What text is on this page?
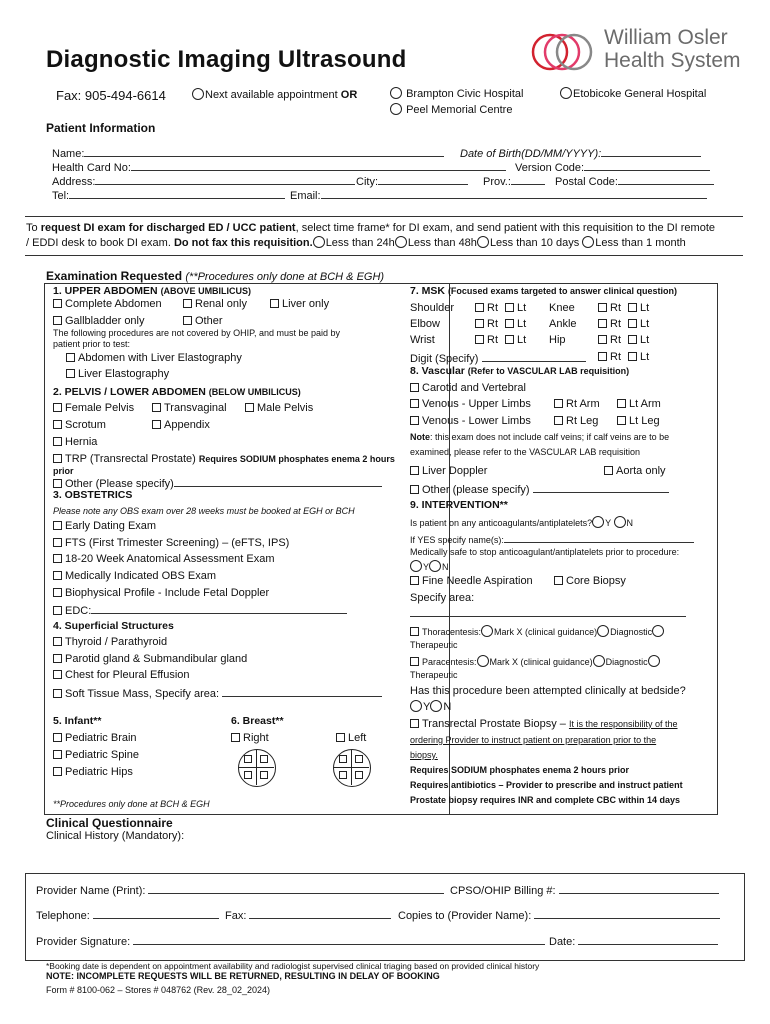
Diagnostic Imaging Ultrasound
William Osler
Health System
Fax: 905-494-6614	Next available appointment OR	Brampton Civic Hospital
Peel Memorial Centre
Etobicoke General Hospital
Patient Information
Name:	Date of Birth(DD/MM/YYYY):
Health Card No:	Version Code:
Address:	City:	Prov.:	Postal Code:
Tel:	Email:
To request DI exam for discharged ED / UCC patient, select time frame* for DI exam, and send patient with this requisition to the DI remote
/ EDDI desk to book DI exam. Do not fax this requisition. Less than 24h Less than 48h Less than 10 days Less than 1 month
Examination Requested (**Procedures only done at BCH & EGH)
1. UPPER ABDOMEN (ABOVE UMBILICUS)
Complete Abdomen	Renal only	Liver only
Gallbladder only	Other
The following procedures are not covered by OHIP, and must be paid by
patient prior to test:
Abdomen with Liver Elastography
Liver Elastography
2. PELVIS / LOWER ABDOMEN (BELOW UMBILICUS)
Female Pelvis	Transvaginal	Male Pelvis
Scrotum	Appendix
Hernia
TRP (Transrectal Prostate) Requires SODIUM phosphates enema 2 hours
prior
Other (Please specify)
3. OBSTETRICS
Please note any OBS exam over 28 weeks must be booked at EGH or BCH
Early Dating Exam
FTS (First Trimester Screening) – (eFTS, IPS)
18-20 Week Anatomical Assessment Exam
Medically Indicated OBS Exam
Biophysical Profile - Include Fetal Doppler
EDC:
4. Superficial Structures
Thyroid / Parathyroid
Parotid gland & Submandibular gland
Chest for Pleural Effusion
Soft Tissue Mass, Specify area:
5. Infant**
Pediatric Brain
Pediatric Spine
Pediatric Hips
6. Breast**
Right	Left
**Procedures only done at BCH & EGH
7. MSK (Focused exams targeted to answer clinical question)
Shoulder	Rt	Lt Knee	Rt	Lt
Elbow	Rt	Lt Ankle	Rt	Lt
Wrist	Rt	Lt Hip	Rt	Lt
Digit (Specify)	Rt	Lt
8. Vascular (Refer to VASCULAR LAB requisition)
Carotid and Vertebral
Venous - Upper Limbs	Rt Arm	Lt Arm
Venous - Lower Limbs	Rt Leg	Lt Leg
Note: this exam does not include calf veins; if calf veins are to be
examined, please refer to the VASCULAR LAB requisition
Liver Doppler	Aorta only
Other (please specify)
9. INTERVENTION**
Is patient on any anticoagulants/antiplatelets? Y N
If YES specify name(s):
Medically safe to stop anticoagulant/antiplatelets prior to procedure:
Y N
Fine Needle Aspiration	Core Biopsy
Specify area:
Thoracentesis: Mark X (clinical guidance) Diagnostic
Therapeutic
Paracentesis: Mark X (clinical guidance) Diagnostic
Therapeutic
Has this procedure been attempted clinically at bedside?
Y N
Transrectal Prostate Biopsy – It is the responsibility of the
ordering Provider to instruct patient on preparation prior to the
biopsy.
Requires SODIUM phosphates enema 2 hours prior
Requires antibiotics – Provider to prescribe and instruct patient
Prostate biopsy requires INR and complete CBC within 14 days
Clinical Questionnaire
Clinical History (Mandatory):
Provider Name (Print):	CPSO/OHIP Billing #:
Telephone:	Fax:	Copies to (Provider Name):
Provider Signature:	Date:
*Booking date is dependent on appointment availability and radiologist supervised clinical triaging based on provided clinical history
NOTE: INCOMPLETE REQUESTS WILL BE RETURNED, RESULTING IN DELAY OF BOOKING
Form # 8100-062 – Stores # 048762 (Rev. 28_02_2024)
